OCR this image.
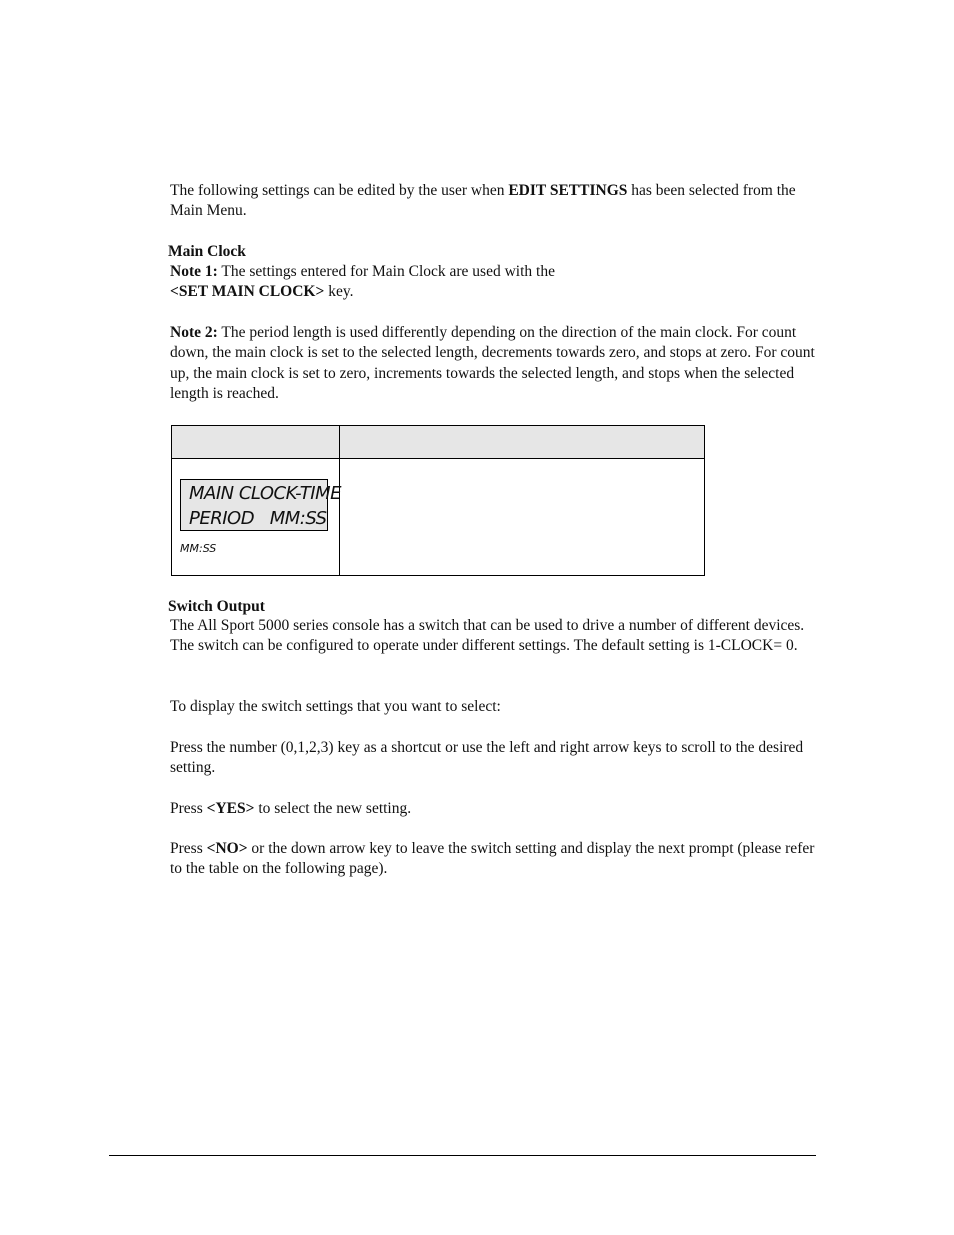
The following settings can be edited by the user when EDIT SETTINGS has been selected from the Main Menu.

Main Clock

Note 1: The settings entered for Main Clock are used with the
<SET MAIN CLOCK> key.

Note 2: The period length is used differently depending on the direction of the main clock. For count down, the main clock is set to the selected length, decrements towards zero, and stops at zero. For count up, the main clock is set to zero, increments towards the selected length, and stops when the selected length is reached.

MAIN CLOCK-TIME
PERIOD   MM:SS
MM:SS	

Switch Output

The All Sport 5000 series console has a switch that can be used to drive a number of different devices. The switch can be configured to operate under different settings. The default setting is 1-CLOCK= 0.

To display the switch settings that you want to select:

Press the number (0,1,2,3) key as a shortcut or use the left and right arrow keys to scroll to the desired setting.

Press <YES> to select the new setting.

Press <NO> or the down arrow key to leave the switch setting and display the next prompt (please refer to the table on the following page).
